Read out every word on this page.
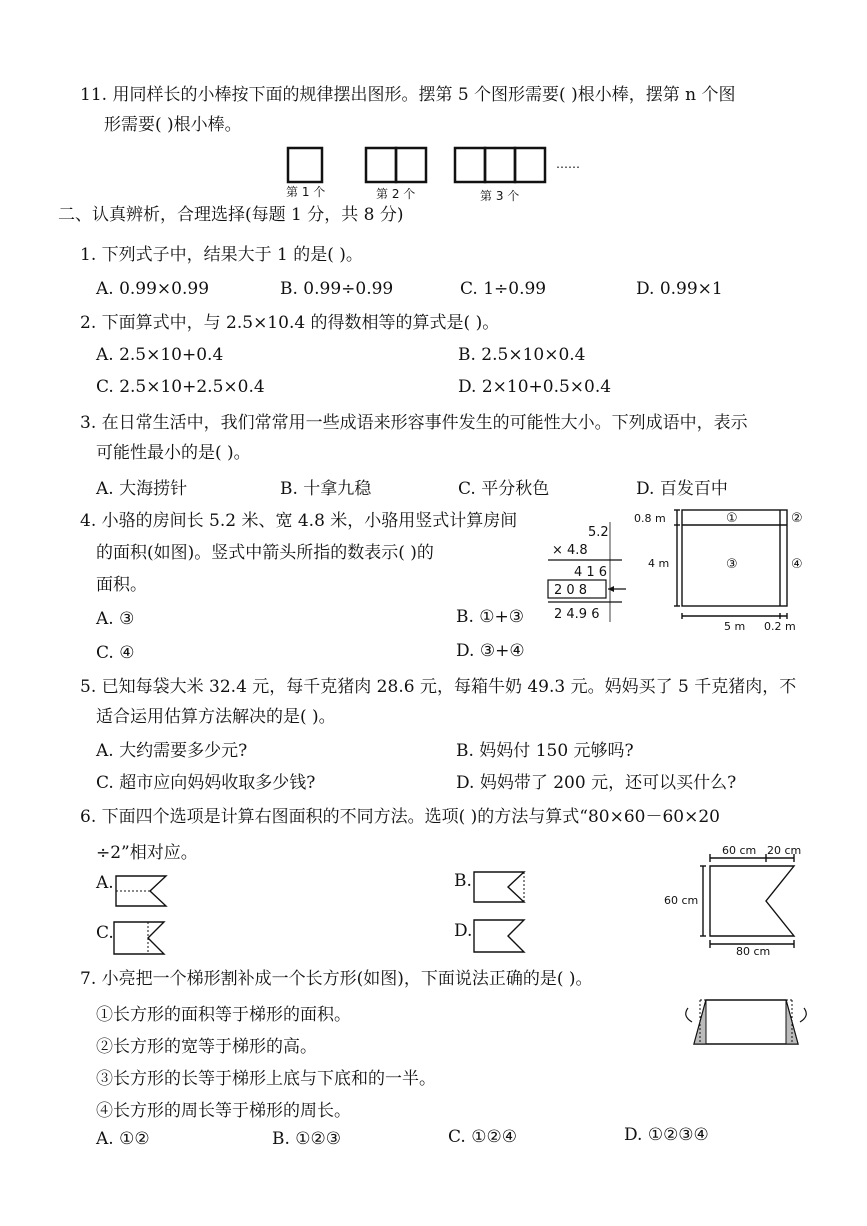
11. 用同样长的小棒按下面的规律摆出图形。摆第 5 个图形需要( )根小棒，摆第 n 个图
形需要( )根小棒。
第 1 个	第 2 个	第 3 个
……
二、认真辨析，合理选择(每题 1 分，共 8 分)
1. 下列式子中，结果大于 1 的是( )。
A. 0.99×0.99	B. 0.99÷0.99	C. 1÷0.99	D. 0.99×1
2. 下面算式中，与 2.5×10.4 的得数相等的算式是( )。
A. 2.5×10+0.4	B. 2.5×10×0.4
C. 2.5×10+2.5×0.4	D. 2×10+0.5×0.4
3. 在日常生活中，我们常常用一些成语来形容事件发生的可能性大小。下列成语中，表示
可能性最小的是( )。
A. 大海捞针	B. 十拿九稳	C. 平分秋色	D. 百发百中
4. 小骆的房间长 5.2 米、宽 4.8 米，小骆用竖式计算房间
的面积(如图)。竖式中箭头所指的数表示( )的
面积。
A. ③	B. ①+③
C. ④	D. ③+④
5.2
× 4.8
4 1 6
2 0 8
2 4.9 6
0.8 m
4 m
5 m 0.2 m
①	②
③	④
5. 已知每袋大米 32.4 元，每千克猪肉 28.6 元，每箱牛奶 49.3 元。妈妈买了 5 千克猪肉，不
适合运用估算方法解决的是( )。
A. 大约需要多少元?	B. 妈妈付 150 元够吗?
C. 超市应向妈妈收取多少钱?	D. 妈妈带了 200 元，还可以买什么?
6. 下面四个选项是计算右图面积的不同方法。选项( )的方法与算式“80×60－60×20
÷2”相对应。
A.	B.
C.	D.
60 cm 20 cm
60 cm
80 cm
7. 小亮把一个梯形割补成一个长方形(如图)，下面说法正确的是( )。
①长方形的面积等于梯形的面积。
②长方形的宽等于梯形的高。
③长方形的长等于梯形上底与下底和的一半。
④长方形的周长等于梯形的周长。
A. ①②	B. ①②③	C. ①②④	D. ①②③④
